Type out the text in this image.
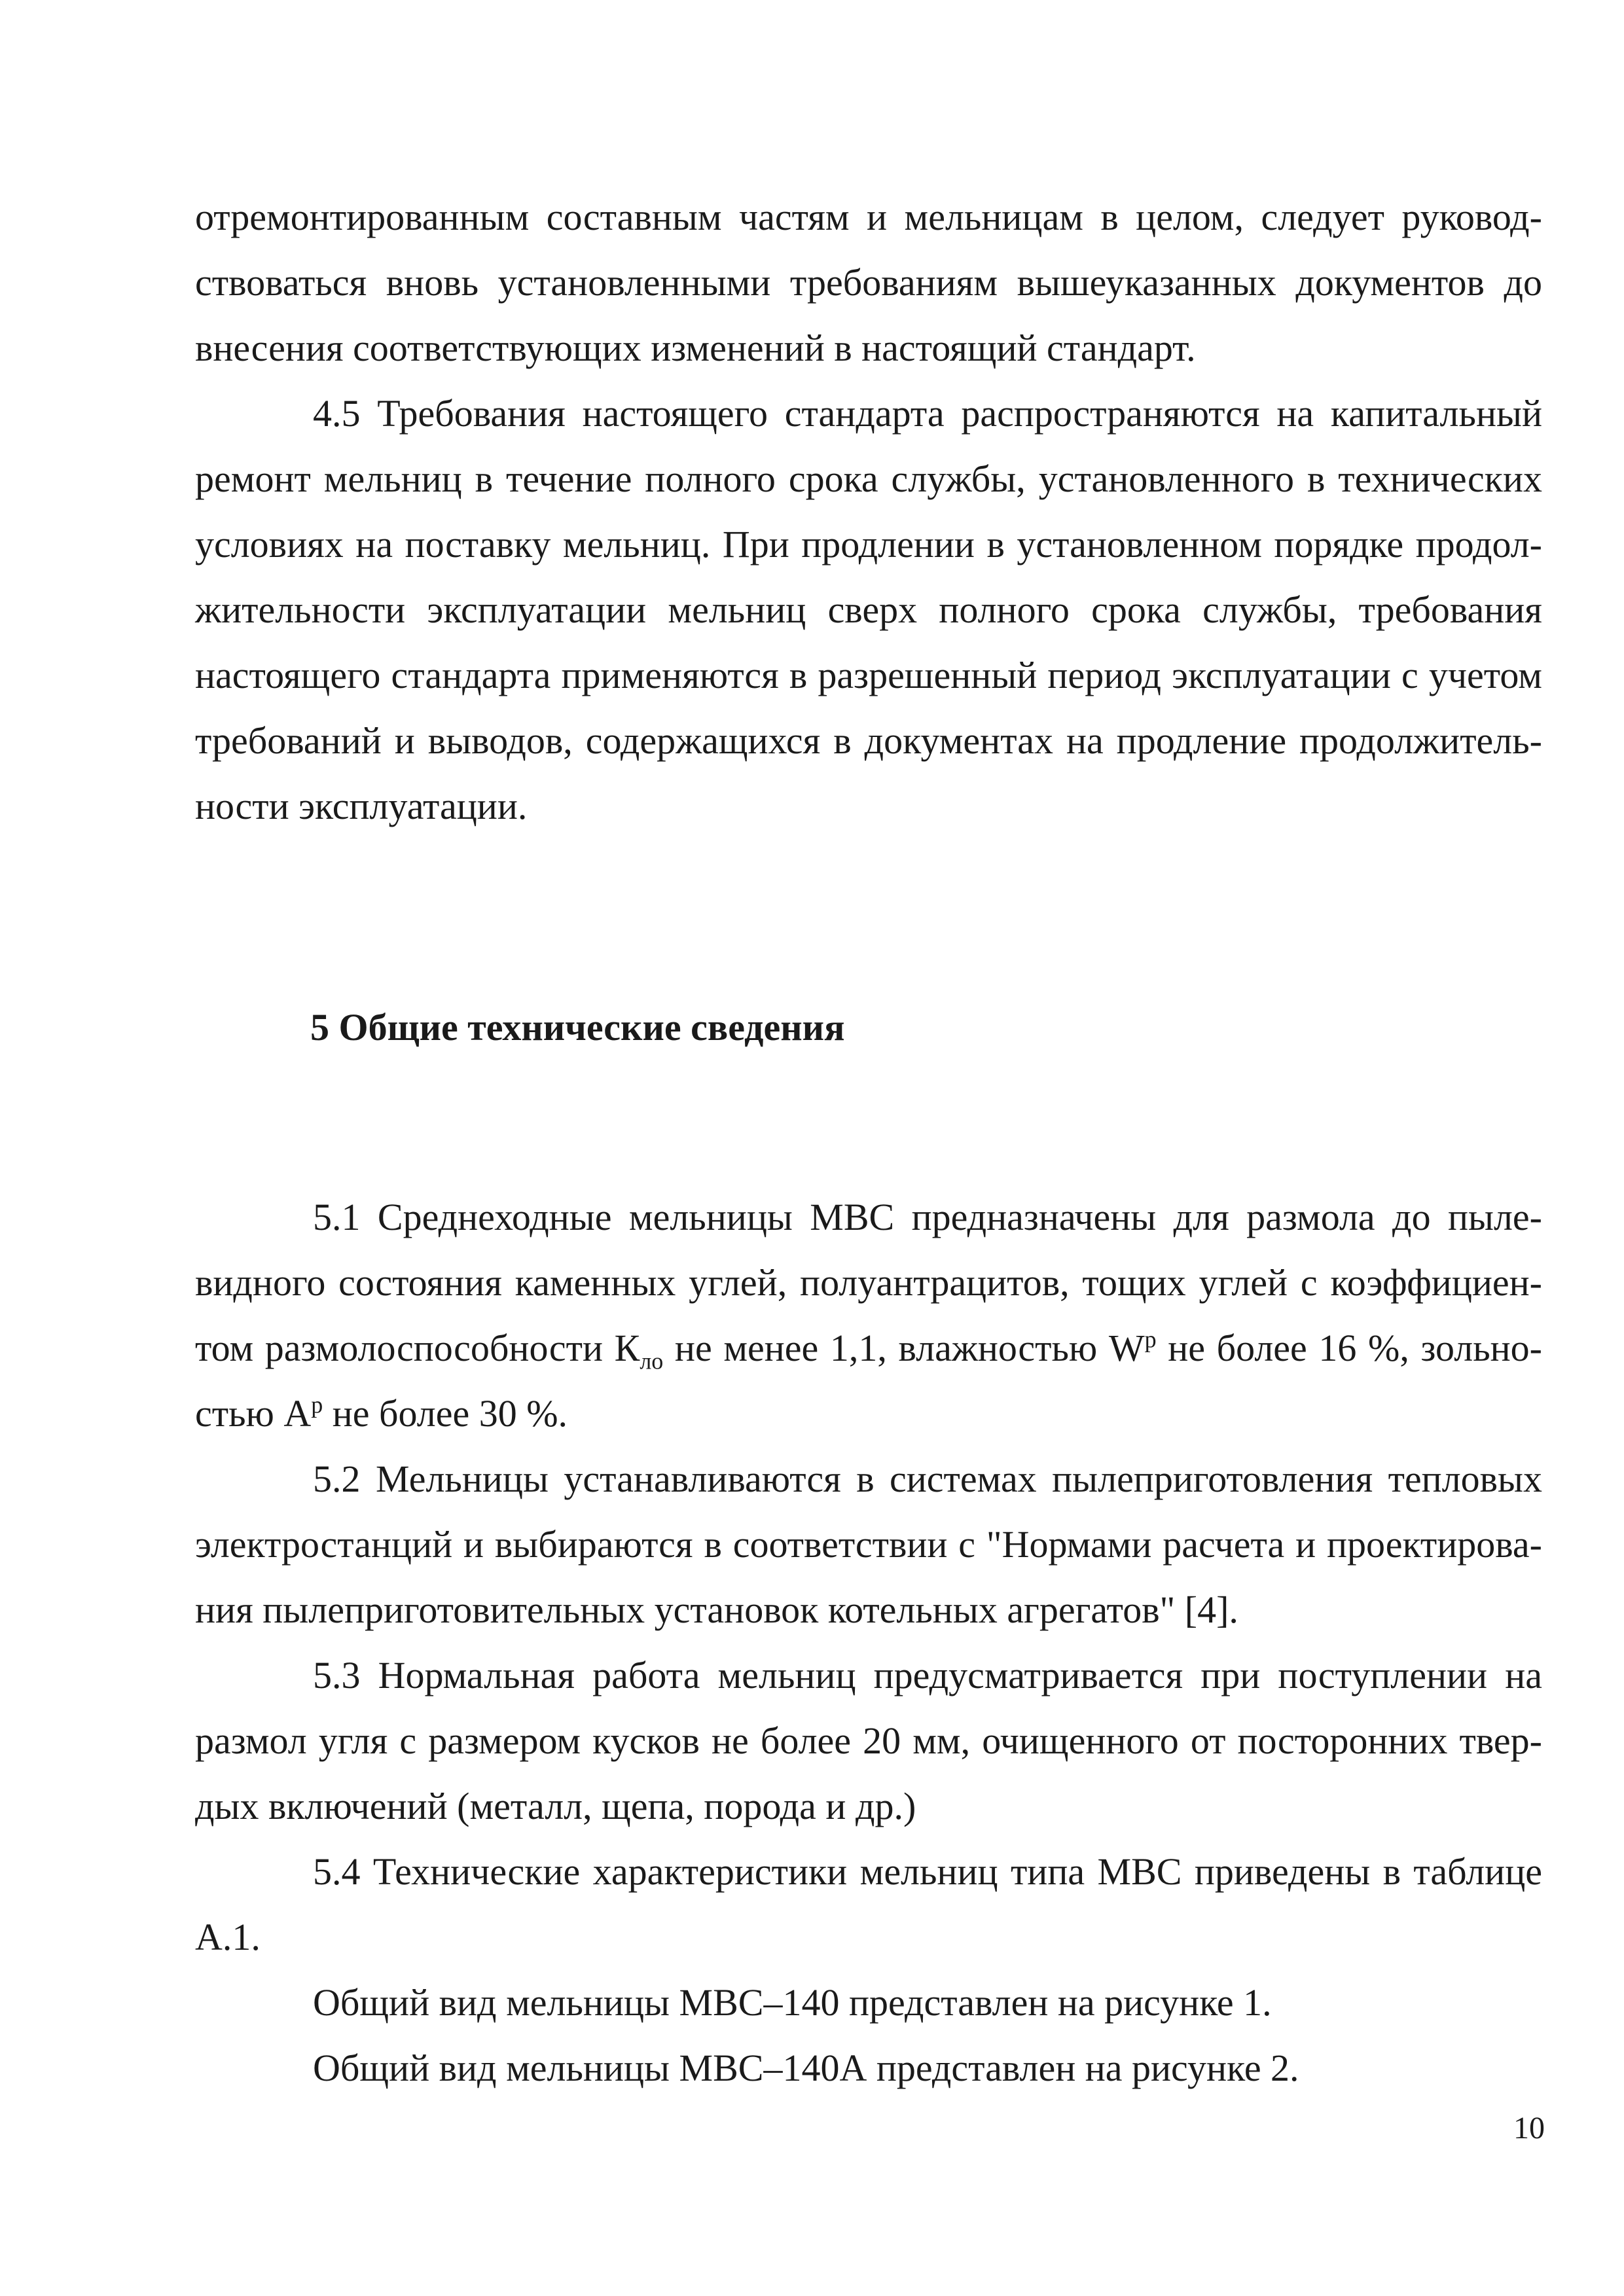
отремонтированным составным частям и мельницам в целом, следует руковод-
ствоваться вновь установленными требованиям вышеуказанных документов до
внесения соответствующих изменений в настоящий стандарт.
4.5 Требования настоящего стандарта распространяются на капитальный
ремонт мельниц в течение полного срока службы, установленного в технических
условиях на поставку мельниц. При продлении в установленном порядке продол-
жительности эксплуатации мельниц сверх полного срока службы, требования
настоящего стандарта применяются в разрешенный период эксплуатации с учетом
требований и выводов, содержащихся в документах на продление продолжитель-
ности эксплуатации.
5 Общие технические сведения
5.1 Среднеходные мельницы МВС предназначены для размола до пыле-
видного состояния каменных углей, полуантрацитов, тощих углей с коэффициен-
том размолоспособности $К_{ло}$ не менее 1,1, влажностью $W^р$ не более 16 %, зольно-
стью $А^р$ не более 30 %.
5.2 Мельницы устанавливаются в системах пылеприготовления тепловых
электростанций и выбираются в соответствии с "Нормами расчета и проектирова-
ния пылеприготовительных установок котельных агрегатов" [4].
5.3 Нормальная работа мельниц предусматривается при поступлении на
размол угля с размером кусков не более 20 мм, очищенного от посторонних твер-
дых включений (металл, щепа, порода и др.)
5.4 Технические характеристики мельниц типа МВС приведены в таблице
А.1.
Общий вид мельницы МВС–140 представлен на рисунке 1.
Общий вид мельницы МВС–140А представлен на рисунке 2.
10
